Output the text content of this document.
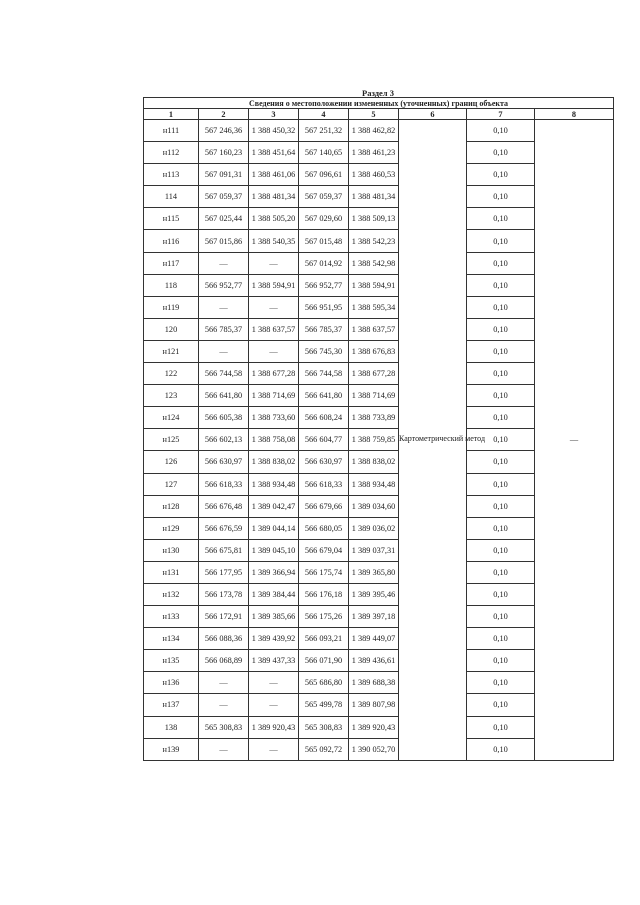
Раздел 3
Сведения о местоположении измененных (уточненных) границ объекта							
1	2	3	4	5	6	7	8
н111	567 246,36	1 388 450,32	567 251,32	1 388 462,82	Картометрический метод	0,10	—
н112	567 160,23	1 388 451,64	567 140,65	1 388 461,23		0,10	
н113	567 091,31	1 388 461,06	567 096,61	1 388 460,53		0,10	
114	567 059,37	1 388 481,34	567 059,37	1 388 481,34		0,10	
н115	567 025,44	1 388 505,20	567 029,60	1 388 509,13		0,10	
н116	567 015,86	1 388 540,35	567 015,48	1 388 542,23		0,10	
н117	—	—	567 014,92	1 388 542,98		0,10	
118	566 952,77	1 388 594,91	566 952,77	1 388 594,91		0,10	
н119	—	—	566 951,95	1 388 595,34		0,10	
120	566 785,37	1 388 637,57	566 785,37	1 388 637,57		0,10	
н121	—	—	566 745,30	1 388 676,83		0,10	
122	566 744,58	1 388 677,28	566 744,58	1 388 677,28		0,10	
123	566 641,80	1 388 714,69	566 641,80	1 388 714,69		0,10	
н124	566 605,38	1 388 733,60	566 608,24	1 388 733,89		0,10	
н125	566 602,13	1 388 758,08	566 604,77	1 388 759,85		0,10	
126	566 630,97	1 388 838,02	566 630,97	1 388 838,02		0,10	
127	566 618,33	1 388 934,48	566 618,33	1 388 934,48		0,10	
н128	566 676,48	1 389 042,47	566 679,66	1 389 034,60		0,10	
н129	566 676,59	1 389 044,14	566 680,05	1 389 036,02		0,10	
н130	566 675,81	1 389 045,10	566 679,04	1 389 037,31		0,10	
н131	566 177,95	1 389 366,94	566 175,74	1 389 365,80		0,10	
н132	566 173,78	1 389 384,44	566 176,18	1 389 395,46		0,10	
н133	566 172,91	1 389 385,66	566 175,26	1 389 397,18		0,10	
н134	566 088,36	1 389 439,92	566 093,21	1 389 449,07		0,10	
н135	566 068,89	1 389 437,33	566 071,90	1 389 436,61		0,10	
н136	—	—	565 686,80	1 389 688,38		0,10	
н137	—	—	565 499,78	1 389 807,98		0,10	
138	565 308,83	1 389 920,43	565 308,83	1 389 920,43		0,10	
н139	—	—	565 092,72	1 390 052,70		0,10	
